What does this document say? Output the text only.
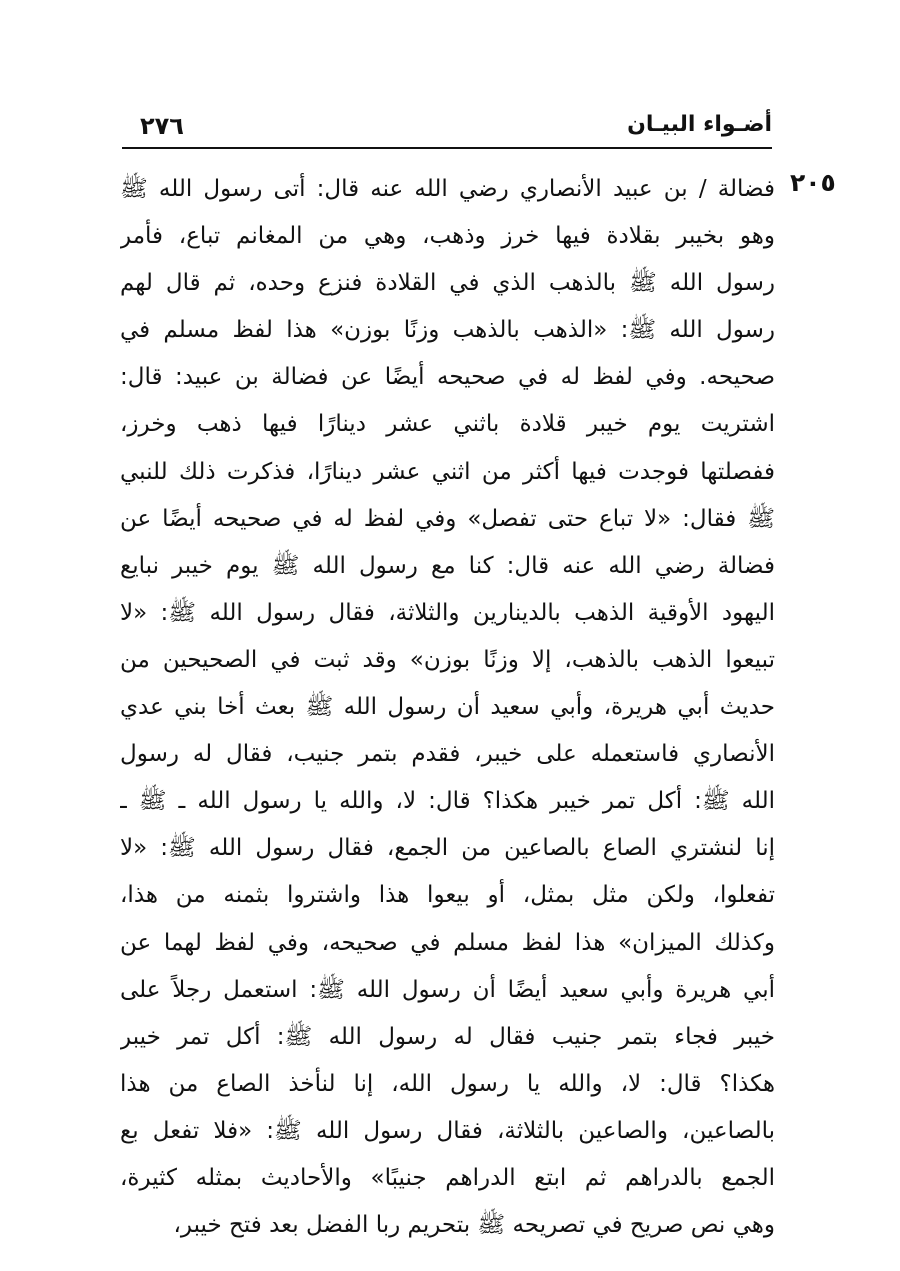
٢٧٦	أضـواء البيـان
٢٠٥
فضالة / بن عبيد الأنصاري رضي الله عنه قال: أتى رسول الله ﷺ
وهو بخيبر بقلادة فيها خرز وذهب، وهي من المغانم تباع، فأمر
رسول الله ﷺ بالذهب الذي في القلادة فنزع وحده، ثم قال لهم
رسول الله ﷺ: «الذهب بالذهب وزنًا بوزن» هذا لفظ مسلم في
صحيحه. وفي لفظ له في صحيحه أيضًا عن فضالة بن عبيد: قال:
اشتريت يوم خيبر قلادة باثني عشر دينارًا فيها ذهب وخرز،
ففصلتها فوجدت فيها أكثر من اثني عشر دينارًا، فذكرت ذلك للنبي
ﷺ فقال: «لا تباع حتى تفصل» وفي لفظ له في صحيحه أيضًا عن
فضالة رضي الله عنه قال: كنا مع رسول الله ﷺ يوم خيبر نبايع
اليهود الأوقية الذهب بالدينارين والثلاثة، فقال رسول الله ﷺ: «لا
تبيعوا الذهب بالذهب، إلا وزنًا بوزن» وقد ثبت في الصحيحين من
حديث أبي هريرة، وأبي سعيد أن رسول الله ﷺ بعث أخا بني عدي
الأنصاري فاستعمله على خيبر، فقدم بتمر جنيب، فقال له رسول
الله ﷺ: أكل تمر خيبر هكذا؟ قال: لا، والله يا رسول الله ـ ﷺ ـ
إنا لنشتري الصاع بالصاعين من الجمع، فقال رسول الله ﷺ: «لا
تفعلوا، ولكن مثل بمثل، أو بيعوا هذا واشتروا بثمنه من هذا،
وكذلك الميزان» هذا لفظ مسلم في صحيحه، وفي لفظ لهما عن
أبي هريرة وأبي سعيد أيضًا أن رسول الله ﷺ: استعمل رجلاً على
خيبر فجاء بتمر جنيب فقال له رسول الله ﷺ: أكل تمر خيبر
هكذا؟ قال: لا، والله يا رسول الله، إنا لنأخذ الصاع من هذا
بالصاعين، والصاعين بالثلاثة، فقال رسول الله ﷺ: «فلا تفعل بع
الجمع بالدراهم ثم ابتع الدراهم جنيبًا» والأحاديث بمثله كثيرة،
وهي نص صريح في تصريحه ﷺ بتحريم ربا الفضل بعد فتح خيبر،
